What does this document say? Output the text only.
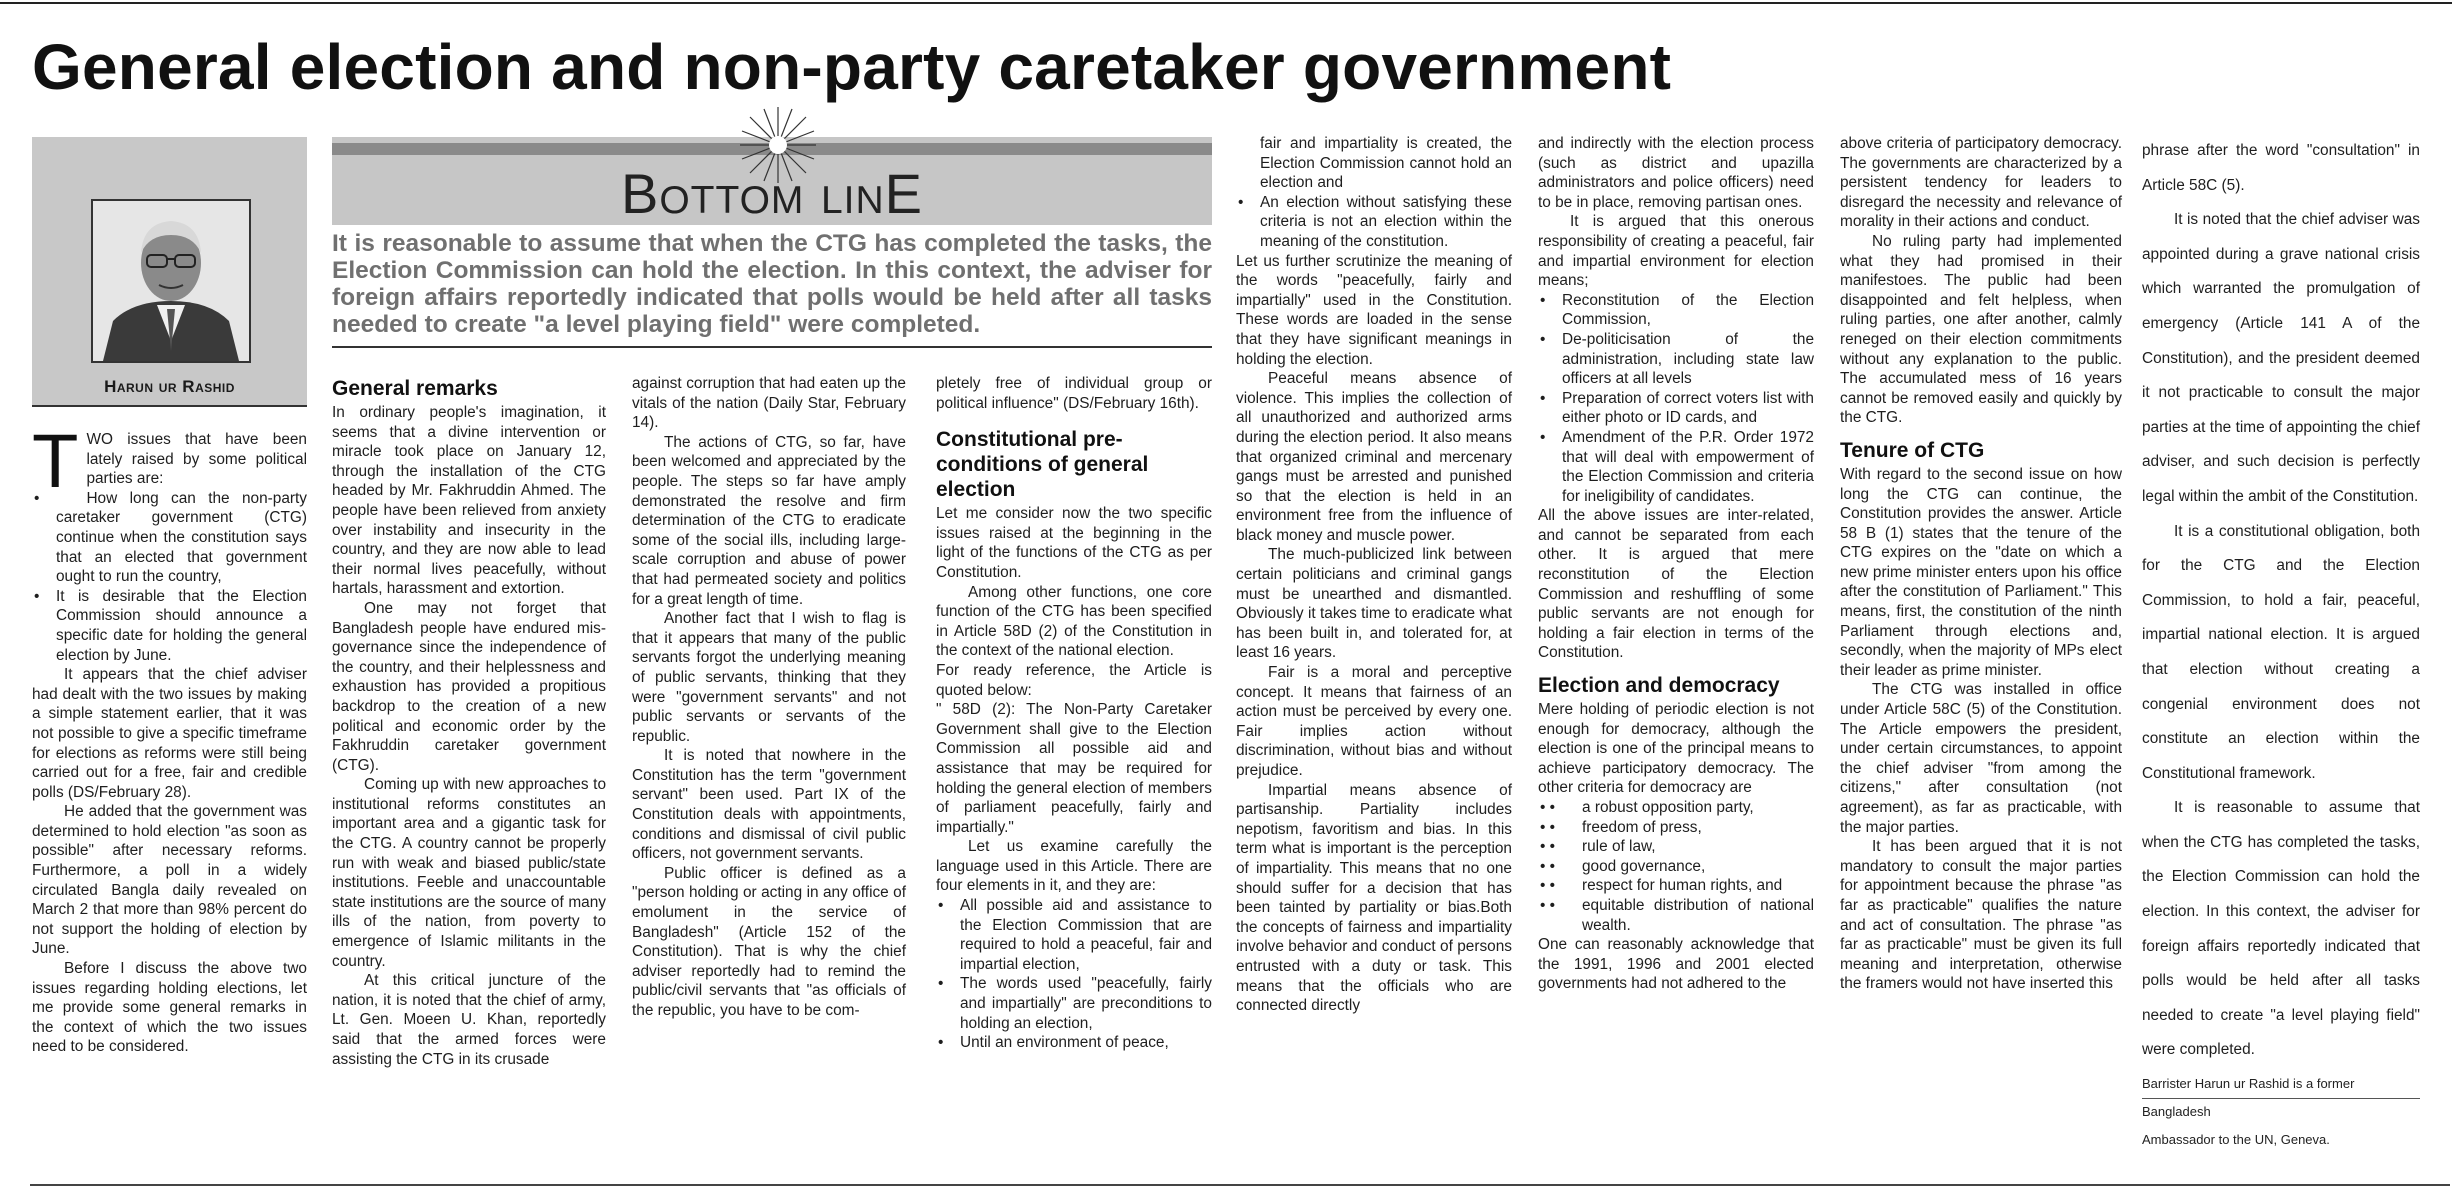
General election and non-party caretaker government
Harun ur Rashid
Bottom linE

It is reasonable to assume that when the CTG has completed the tasks, the Election Commission can hold the election. In this context, the adviser for foreign affairs reportedly indicated that polls would be held after all tasks needed to create "a level playing field" were completed.

TWO issues that have been lately raised by some political parties are:

• How long can the non-party caretaker government (CTG) continue when the constitution says that an elected that government ought to run the country,
• It is desirable that the Election Commission should announce a specific date for holding the general election by June.

It appears that the chief adviser had dealt with the two issues by making a simple statement earlier, that it was not possible to give a specific timeframe for elections as reforms were still being carried out for a free, fair and credible polls (DS/February 28).

He added that the government was determined to hold election "as soon as possible" after necessary reforms. Furthermore, a poll in a widely circulated Bangla daily revealed on March 2 that more than 98% percent do not support the holding of election by June.

Before I discuss the above two issues regarding holding elections, let me provide some general remarks in the context of which the two issues need to be considered.

General remarks

In ordinary people's imagination, it seems that a divine intervention or miracle took place on January 12, through the installation of the CTG headed by Mr. Fakhruddin Ahmed. The people have been relieved from anxiety over instability and insecurity in the country, and they are now able to lead their normal lives peacefully, without hartals, harassment and extortion.

One may not forget that Bangladesh people have endured mis-governance since the independence of the country, and their helplessness and exhaustion has provided a propitious backdrop to the creation of a new political and economic order by the Fakhruddin caretaker government (CTG).

Coming up with new approaches to institutional reforms constitutes an important area and a gigantic task for the CTG. A country cannot be properly run with weak and biased public/state institutions. Feeble and unaccountable state institutions are the source of many ills of the nation, from poverty to emergence of Islamic militants in the country.

At this critical juncture of the nation, it is noted that the chief of army, Lt. Gen. Moeen U. Khan, reportedly said that the armed forces were assisting the CTG in its crusade

against corruption that had eaten up the vitals of the nation (Daily Star, February 14).

The actions of CTG, so far, have been welcomed and appreciated by the people. The steps so far have amply demonstrated the resolve and firm determination of the CTG to eradicate some of the social ills, including large-scale corruption and abuse of power that had permeated society and politics for a great length of time.

Another fact that I wish to flag is that it appears that many of the public servants forgot the underlying meaning of public servants, thinking that they were "government servants" and not public servants or servants of the republic.

It is noted that nowhere in the Constitution has the term "government servant" been used. Part IX of the Constitution deals with appointments, conditions and dismissal of civil public officers, not government servants.

Public officer is defined as a "person holding or acting in any office of emolument in the service of Bangladesh" (Article 152 of the Constitution). That is why the chief adviser reportedly had to remind the public/civil servants that "as officials of the republic, you have to be com-

pletely free of individual group or political influence" (DS/February 16th).

Constitutional pre-conditions of general election

Let me consider now the two specific issues raised at the beginning in the light of the functions of the CTG as per Constitution.

Among other functions, one core function of the CTG has been specified in Article 58D (2) of the Constitution in the context of the national election.

For ready reference, the Article is quoted below:

" 58D (2): The Non-Party Caretaker Government shall give to the Election Commission all possible aid and assistance that may be required for holding the general election of members of parliament peacefully, fairly and impartially."

Let us examine carefully the language used in this Article. There are four elements in it, and they are:

• All possible aid and assistance to the Election Commission that are required to hold a peaceful, fair and impartial election,
• The words used "peacefully, fairly and impartially" are preconditions to holding an election,
• Until an environment of peace,

fair and impartiality is created, the Election Commission cannot hold an election and

• An election without satisfying these criteria is not an election within the meaning of the constitution.

Let us further scrutinize the meaning of the words "peacefully, fairly and impartially" used in the Constitution. These words are loaded in the sense that they have significant meanings in holding the election.

Peaceful means absence of violence. This implies the collection of all unauthorized and authorized arms during the election period. It also means that organized criminal and mercenary gangs must be arrested and punished so that the election is held in an environment free from the influence of black money and muscle power.

The much-publicized link between certain politicians and criminal gangs must be unearthed and dismantled. Obviously it takes time to eradicate what has been built in, and tolerated for, at least 16 years.

Fair is a moral and perceptive concept. It means that fairness of an action must be perceived by every one. Fair implies action without discrimination, without bias and without prejudice.

Impartial means absence of partisanship. Partiality includes nepotism, favoritism and bias. In this term what is important is the perception of impartiality. This means that no one should suffer for a decision that has been tainted by partiality or bias.Both the concepts of fairness and impartiality involve behavior and conduct of persons entrusted with a duty or task. This means that the officials who are connected directly

and indirectly with the election process (such as district and upazilla administrators and police officers) need to be in place, removing partisan ones.

It is argued that this onerous responsibility of creating a peaceful, fair and impartial environment for election means;

• Reconstitution of the Election Commission,
• De-politicisation of the administration, including state law officers at all levels
• Preparation of correct voters list with either photo or ID cards, and
• Amendment of the P.R. Order 1972 that will deal with empowerment of the Election Commission and criteria for ineligibility of candidates.

All the above issues are inter-related, and cannot be separated from each other. It is argued that mere reconstitution of the Election Commission and reshuffling of some public servants are not enough for holding a fair election in terms of the Constitution.

Election and democracy

Mere holding of periodic election is not enough for democracy, although the election is one of the principal means to achieve participatory democracy. The other criteria for democracy are

• • a robust opposition party,
• • freedom of press,
• • rule of law,
• • good governance,
• • respect for human rights, and
• • equitable distribution of national wealth.

One can reasonably acknowledge that the 1991, 1996 and 2001 elected governments had not adhered to the

above criteria of participatory democracy. The governments are characterized by a persistent tendency for leaders to disregard the necessity and relevance of morality in their actions and conduct.

No ruling party had implemented what they had promised in their manifestoes. The public had been disappointed and felt helpless, when ruling parties, one after another, calmly reneged on their election commitments without any explanation to the public. The accumulated mess of 16 years cannot be removed easily and quickly by the CTG.

Tenure of CTG

With regard to the second issue on how long the CTG can continue, the Constitution provides the answer. Article 58 B (1) states that the tenure of the CTG expires on the "date on which a new prime minister enters upon his office after the constitution of Parliament." This means, first, the constitution of the ninth Parliament through elections and, secondly, when the majority of MPs elect their leader as prime minister.

The CTG was installed in office under Article 58C (5) of the Constitution. The Article empowers the president, under certain circumstances, to appoint the chief adviser "from among the citizens," after consultation (not agreement), as far as practicable, with the major parties.

It has been argued that it is not mandatory to consult the major parties for appointment because the phrase "as far as practicable" qualifies the nature and act of consultation. The phrase "as far as practicable" must be given its full meaning and interpretation, otherwise the framers would not have inserted this

phrase after the word "consultation" in Article 58C (5).

It is noted that the chief adviser was appointed during a grave national crisis which warranted the promulgation of emergency (Article 141 A of the Constitution), and the president deemed it not practicable to consult the major parties at the time of appointing the chief adviser, and such decision is perfectly legal within the ambit of the Constitution.

It is a constitutional obligation, both for the CTG and the Election Commission, to hold a fair, peaceful, impartial national election. It is argued that election without creating a congenial environment does not constitute an election within the Constitutional framework.

It is reasonable to assume that when the CTG has completed the tasks, the Election Commission can hold the election. In this context, the adviser for foreign affairs reportedly indicated that polls would be held after all tasks needed to create "a level playing field" were completed.

Barrister Harun ur Rashid is a former Bangladesh
Ambassador to the UN, Geneva.
